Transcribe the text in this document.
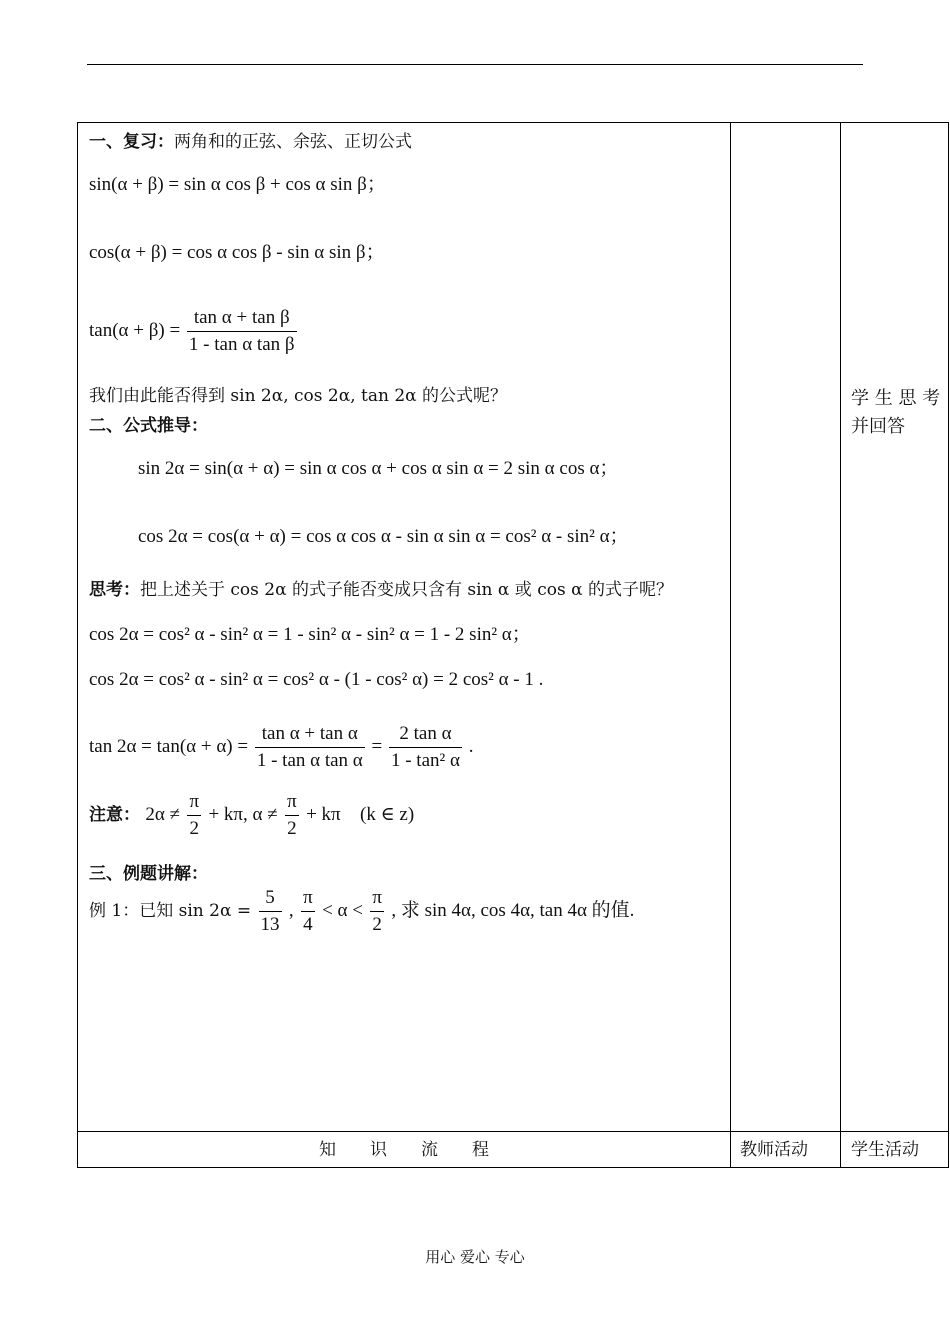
一、复习：两角和的正弦、余弦、正切公式
sin(α + β) = sin α cos β + cos α sin β；
cos(α + β) = cos α cos β - sin α sin β；
$\tan(\alpha + \beta) = \frac{\text{tan α + tan β}}{\text{1 - tan α tan β}}$
我们由此能否得到 sin 2α, cos 2α, tan 2α 的公式呢？
二、公式推导：
sin 2α = sin(α + α) = sin α cos α + cos α sin α = 2 sin α cos α；
cos 2α = cos(α + α) = cos α cos α - sin α sin α = cos² α - sin² α；
思考：把上述关于 cos 2α 的式子能否变成只含有 sin α 或 cos α 的式子呢？
cos 2α = cos² α - sin² α = 1 - sin² α - sin² α = 1 - 2 sin² α；
cos 2α = cos² α - sin² α = cos² α - (1 - cos² α) = 2 cos² α - 1 .
$\tan 2\alpha = \tan(\alpha + \alpha) = \frac{\text{tan α + tan α}}{\text{1 - tan α tan α}} = \frac{\text{2 tan α}}{\text{1 - tan² α}}$ .
注意： $2\alpha \ne \frac{\pi}{2} + k\pi$, $\alpha \ne \frac{\pi}{2} + k\pi$ (k ∈ z)
三、例题讲解：
例 1：已知 $\sin 2\alpha = \frac{5}{13}$ , $\frac{\pi}{4} < \alpha < \frac{\pi}{2}$ , 求 sin 4α, cos 4α, tan 4α 的值.
学 生 思 考
并回答
知　　识　　流　　程	教师活动	学生活动
用心 爱心 专心
